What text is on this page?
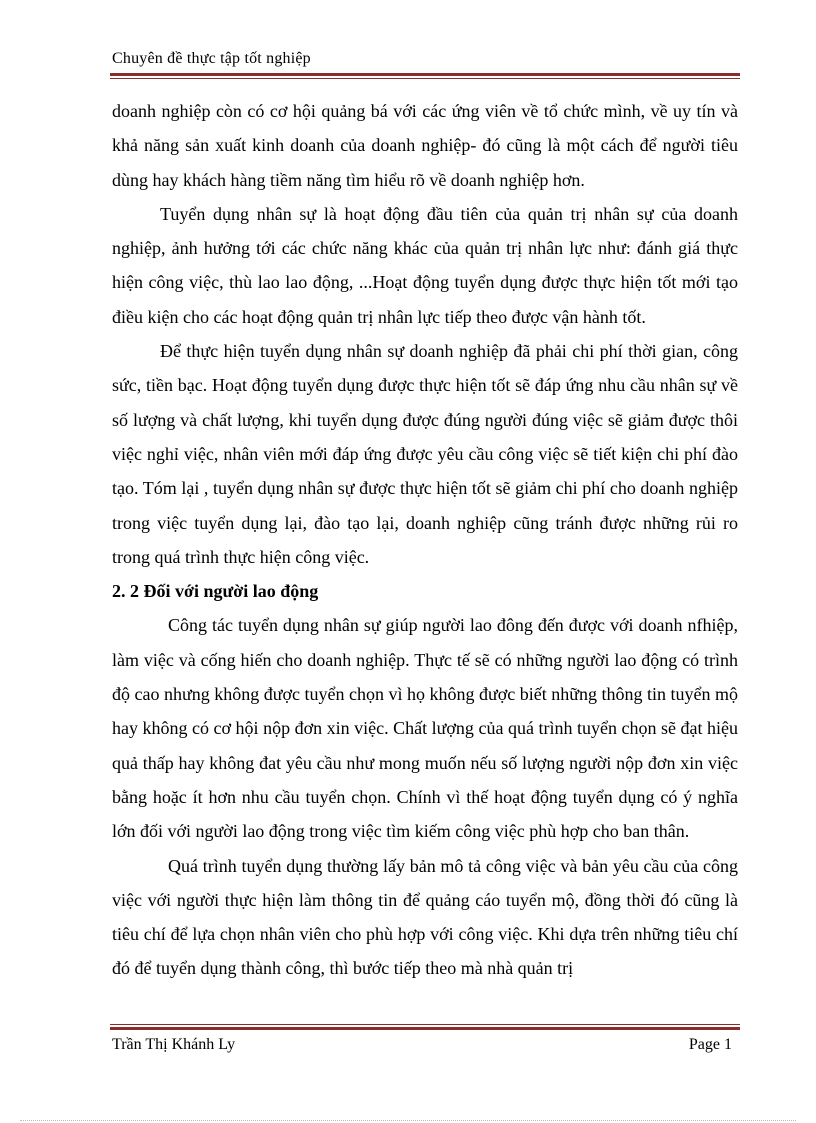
Chuyên đề thực tập tốt nghiệp

doanh nghiệp còn có cơ hội quảng bá với các ứng viên về tổ chức mình, về uy tín và khả năng sản xuất kinh doanh của doanh nghiệp- đó cũng là một cách để người tiêu dùng hay khách hàng tiềm năng tìm hiểu rõ về doanh nghiệp hơn.

Tuyển dụng nhân sự là hoạt động đầu tiên của quản trị nhân sự của doanh nghiệp, ảnh hưởng tới các chức năng khác của quản trị nhân lực như: đánh giá thực hiện công việc, thù lao lao động, ...Hoạt động tuyển dụng được thực hiện tốt mới tạo điều kiện cho các hoạt động quản trị nhân lực tiếp theo được vận hành tốt.

Để thực hiện tuyển dụng nhân sự doanh nghiệp đã phải chi phí thời gian, công sức, tiền bạc. Hoạt động tuyển dụng được thực hiện tốt sẽ đáp ứng nhu cầu nhân sự về số lượng và chất lượng, khi tuyển dụng được đúng người đúng việc sẽ giảm được thôi việc nghỉ việc, nhân viên mới đáp ứng được yêu cầu công việc sẽ tiết kiện chi phí đào tạo. Tóm lại , tuyển dụng nhân sự được thực hiện tốt sẽ giảm chi phí cho doanh nghiệp trong việc tuyển dụng lại, đào tạo lại, doanh nghiệp cũng tránh được những rủi ro trong quá trình thực hiện công việc.

2. 2 Đối với người lao động

Công tác tuyển dụng nhân sự giúp người lao đông đến được với doanh nfhiệp, làm việc và cống hiến cho doanh nghiệp. Thực tế sẽ có những người lao động có trình độ cao nhưng không được tuyển chọn vì họ không được biết những thông tin tuyển mộ hay không có cơ hội nộp đơn xin việc. Chất lượng của quá trình tuyển chọn sẽ đạt hiệu quả thấp hay không đat yêu cầu như mong muốn nếu số lượng người nộp đơn xin việc bằng hoặc ít hơn nhu cầu tuyển chọn. Chính vì thế hoạt động tuyển dụng có ý nghĩa lớn đối với người lao động trong việc tìm kiếm công việc phù hợp cho ban thân.

Quá trình tuyển dụng thường lấy bản mô tả công việc và bản yêu cầu của công việc với người thực hiện làm thông tin để quảng cáo tuyển mộ, đồng thời đó cũng là tiêu chí để lựa chọn nhân viên cho phù hợp với công việc. Khi dựa trên những tiêu chí đó để tuyển dụng thành công, thì bước tiếp theo mà nhà quản trị

Trần Thị Khánh Ly	Page 1
